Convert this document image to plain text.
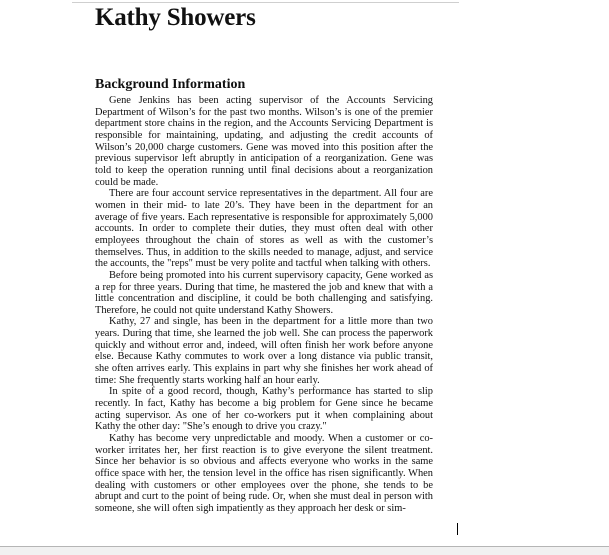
Kathy Showers
Background Information

Gene Jenkins has been acting supervisor of the Accounts Servicing Department of Wilson’s for the past two months. Wilson’s is one of the premier department store chains in the region, and the Accounts Servicing Department is responsible for maintaining, updating, and adjusting the credit accounts of Wilson’s 20,000 charge customers. Gene was moved into this position after the previous supervisor left abruptly in anticipation of a reorganization. Gene was told to keep the operation running until final decisions about a reorganization could be made.

There are four account service representatives in the department. All four are women in their mid- to late 20’s. They have been in the department for an average of five years. Each representative is responsible for approximately 5,000 accounts. In order to complete their duties, they must often deal with other employees throughout the chain of stores as well as with the customer’s themselves. Thus, in addition to the skills needed to manage, adjust, and service the accounts, the "reps" must be very polite and tactful when talking with others.

Before being promoted into his current supervisory capacity, Gene worked as a rep for three years. During that time, he mastered the job and knew that with a little concentration and discipline, it could be both challenging and satisfying. Therefore, he could not quite understand Kathy Showers.

Kathy, 27 and single, has been in the department for a little more than two years. During that time, she learned the job well. She can process the paperwork quickly and without error and, indeed, will often finish her work before anyone else. Because Kathy commutes to work over a long distance via public transit, she often arrives early. This explains in part why she finishes her work ahead of time: She frequently starts working half an hour early.

In spite of a good record, though, Kathy’s performance has started to slip recently. In fact, Kathy has become a big problem for Gene since he became acting supervisor. As one of her co-workers put it when complaining about Kathy the other day: "She’s enough to drive you crazy."

Kathy has become very unpredictable and moody. When a customer or co-worker irritates her, her first reaction is to give everyone the silent treatment. Since her behavior is so obvious and affects everyone who works in the same office space with her, the tension level in the office has risen significantly. When dealing with customers or other employees over the phone, she tends to be abrupt and curt to the point of being rude. Or, when she must deal in person with someone, she will often sigh impatiently as they approach her desk or sim-
